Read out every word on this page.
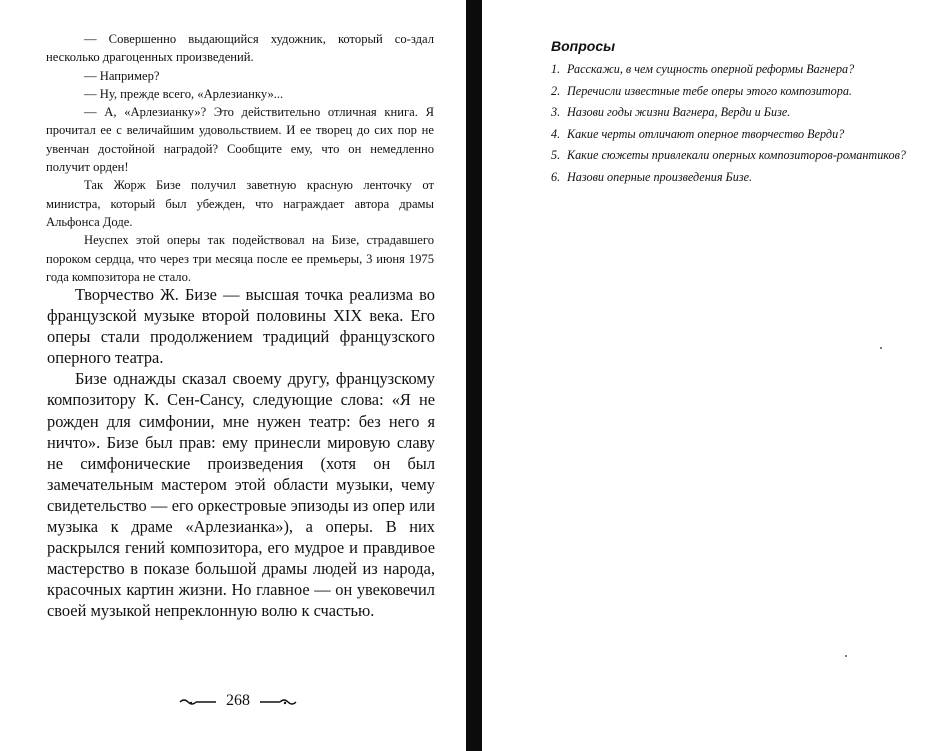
— Совершенно выдающийся художник, который со-здал несколько драгоценных произведений.

— Например?

— Ну, прежде всего, «Арлезианку»...

— А, «Арлезианку»? Это действительно отличная книга. Я прочитал ее с величайшим удовольствием. И ее творец до сих пор не увенчан достойной наградой? Сообщите ему, что он немедленно получит орден!

Так Жорж Бизе получил заветную красную ленточку от министра, который был убежден, что награждает автора драмы Альфонса Доде.

Неуспех этой оперы так подействовал на Бизе, страдавшего пороком сердца, что через три месяца после ее премьеры, 3 июня 1975 года композитора не стало.

Творчество Ж. Бизе — высшая точка реализма во французской музыке второй половины XIX века. Его оперы стали продолжением традиций французского оперного театра.

Бизе однажды сказал своему другу, французскому композитору К. Сен-Сансу, следующие слова: «Я не рожден для симфонии, мне нужен театр: без него я ничто». Бизе был прав: ему принесли мировую славу не симфонические произведения (хотя он был замечательным мастером этой области музыки, чему свидетельство — его оркестровые эпизоды из опер или музыка к драме «Арлезианка»), а оперы. В них раскрылся гений композитора, его мудрое и правдивое мастерство в показе большой драмы людей из народа, красочных картин жизни. Но главное — он увековечил своей музыкой непреклонную волю к счастью.

268
Вопросы
1. Расскажи, в чем сущность оперной реформы Вагнера?
2. Перечисли известные тебе оперы этого композитора.
3. Назови годы жизни Вагнера, Верди и Бизе.
4. Какие черты отличают оперное творчество Верди?
5. Какие сюжеты привлекали оперных композиторов-романтиков?
6. Назови оперные произведения Бизе.
